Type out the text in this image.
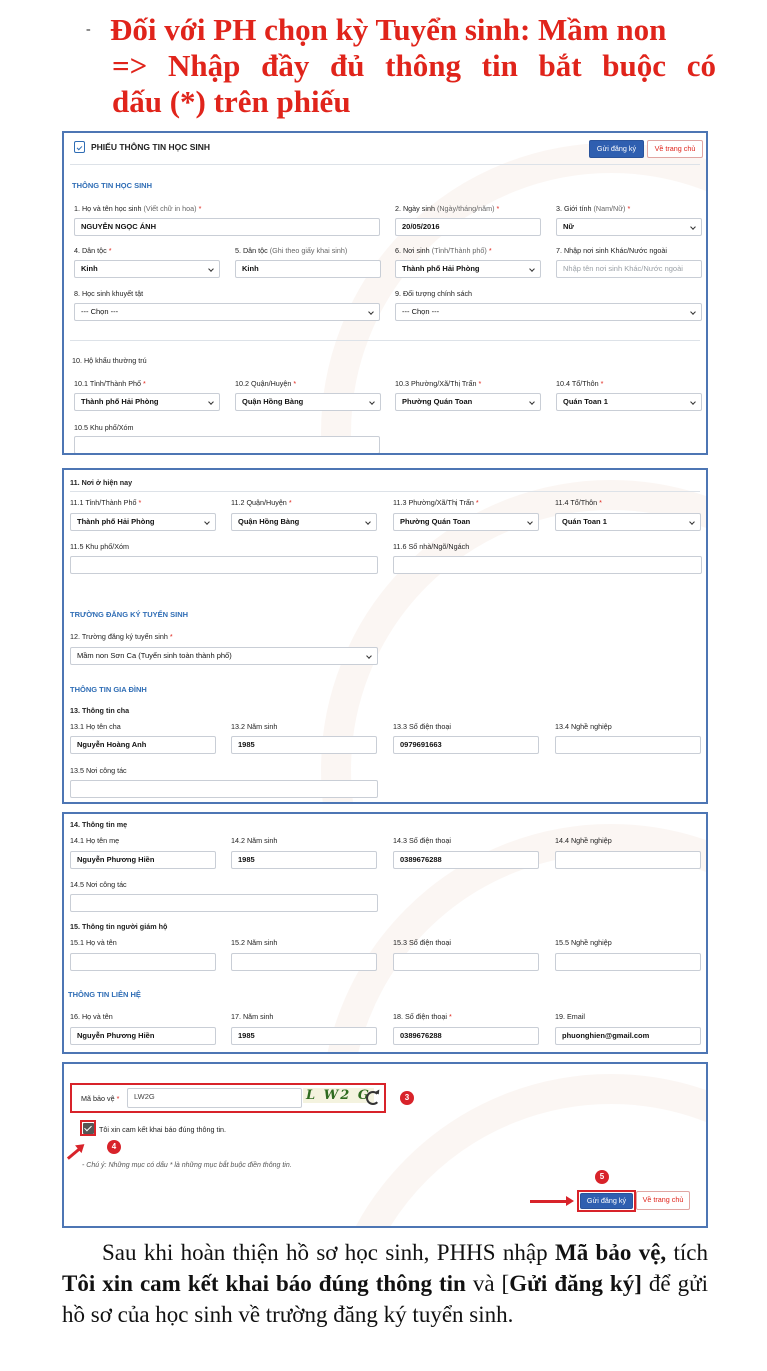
- Đối với PH chọn kỳ Tuyển sinh: Mầm non
=> Nhập đầy đủ thông tin bắt buộc có
dấu (*) trên phiếu
PHIẾU THÔNG TIN HỌC SINH	Gửi đăng ký	Về trang chủ
THÔNG TIN HỌC SINH
1. Họ và tên học sinh (Viết chữ in hoa) *
NGUYỄN NGỌC ÁNH
2. Ngày sinh (Ngày/tháng/năm) *
20/05/2016
3. Giới tính (Nam/Nữ) *
Nữ
4. Dân tộc *
Kinh
5. Dân tộc (Ghi theo giấy khai sinh)
Kinh
6. Nơi sinh (Tỉnh/Thành phố) *
Thành phố Hải Phòng
7. Nhập nơi sinh Khác/Nước ngoài
Nhập tên nơi sinh Khác/Nước ngoài
8. Học sinh khuyết tật
--- Chọn ---
9. Đối tượng chính sách
--- Chọn ---
10. Hộ khẩu thường trú
10.1 Tỉnh/Thành Phố *
Thành phố Hải Phòng
10.2 Quận/Huyện *
Quận Hồng Bàng
10.3 Phường/Xã/Thị Trấn *
Phường Quán Toan
10.4 Tổ/Thôn *
Quán Toan 1
10.5 Khu phố/Xóm
11. Nơi ở hiện nay
11.1 Tỉnh/Thành Phố *
Thành phố Hải Phòng
11.2 Quận/Huyện *
Quận Hồng Bàng
11.3 Phường/Xã/Thị Trấn *
Phường Quán Toan
11.4 Tổ/Thôn *
Quán Toan 1
11.5 Khu phố/Xóm	11.6 Số nhà/Ngõ/Ngách
TRƯỜNG ĐĂNG KÝ TUYỂN SINH
12. Trường đăng ký tuyển sinh *
Mầm non Sơn Ca (Tuyển sinh toàn thành phố)
THÔNG TIN GIA ĐÌNH
13. Thông tin cha
13.1 Họ tên cha
Nguyễn Hoàng Anh
13.2 Năm sinh
1985
13.3 Số điện thoại
0979691663
13.4 Nghề nghiệp
13.5 Nơi công tác
14. Thông tin mẹ
14.1 Họ tên mẹ
Nguyễn Phương Hiền
14.2 Năm sinh
1985
14.3 Số điện thoại
0389676288
14.4 Nghề nghiệp
14.5 Nơi công tác
15. Thông tin người giám hộ
15.1 Họ và tên	15.2 Năm sinh	15.3 Số điện thoại	15.5 Nghề nghiệp
THÔNG TIN LIÊN HỆ
16. Họ và tên
Nguyễn Phương Hiền
17. Năm sinh
1985
18. Số điện thoại *
0389676288
19. Email
phuonghien@gmail.com
Mã bảo vệ *	LW2G	L W2 G	3
Tôi xin cam kết khai báo đúng thông tin.
4
- Chú ý: Những mục có dấu * là những mục bắt buộc điền thông tin.
5
Gửi đăng ký	Về trang chủ
Sau khi hoàn thiện hồ sơ học sinh, PHHS nhập Mã bảo vệ, tích Tôi xin cam kết khai báo đúng thông tin và [Gửi đăng ký] để gửi hồ sơ của học sinh về trường đăng ký tuyển sinh.
